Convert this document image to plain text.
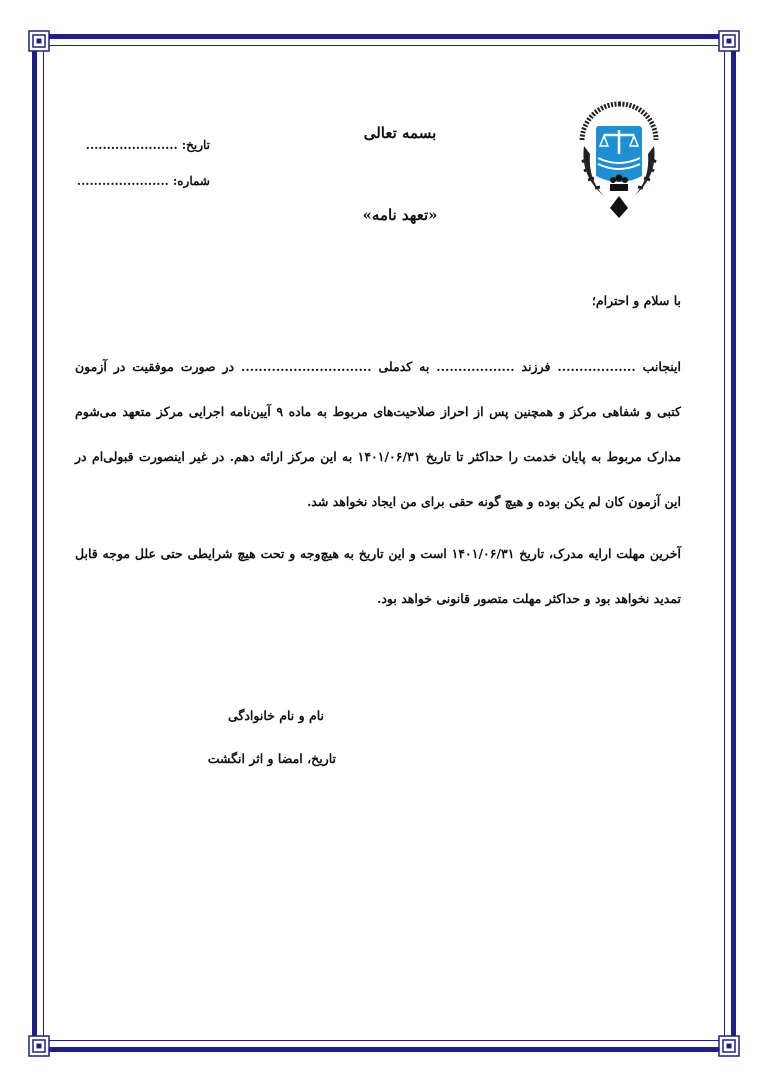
بسمه تعالی
«تعهد نامه»
تاریخ:
......................
شماره:
......................
با سلام و احترام؛
اینجانب .................. فرزند .................. به کدملی .............................. در صورت موفقیت در آزمون کتبی و شفاهی مرکز و همچنین پس از احراز صلاحیت‌های مربوط به ماده ۹ آیین‌نامه اجرایی مرکز متعهد می‌شوم مدارک مربوط به پایان خدمت را حداکثر تا تاریخ ۱۴۰۱/۰۶/۳۱ به این مرکز ارائه دهم. در غیر اینصورت قبولی‌ام در این آزمون کان لم یکن بوده و هیچ گونه حقی برای من ایجاد نخواهد شد.
آخرین مهلت ارایه مدرک، تاریخ ۱۴۰۱/۰۶/۳۱ است و این تاریخ به هیچ‌وجه و تحت هیچ شرایطی حتی علل موجه قابل تمدید نخواهد بود و حداکثر مهلت متصور قانونی خواهد بود.
نام و نام خانوادگی
تاریخ، امضا و اثر انگشت
